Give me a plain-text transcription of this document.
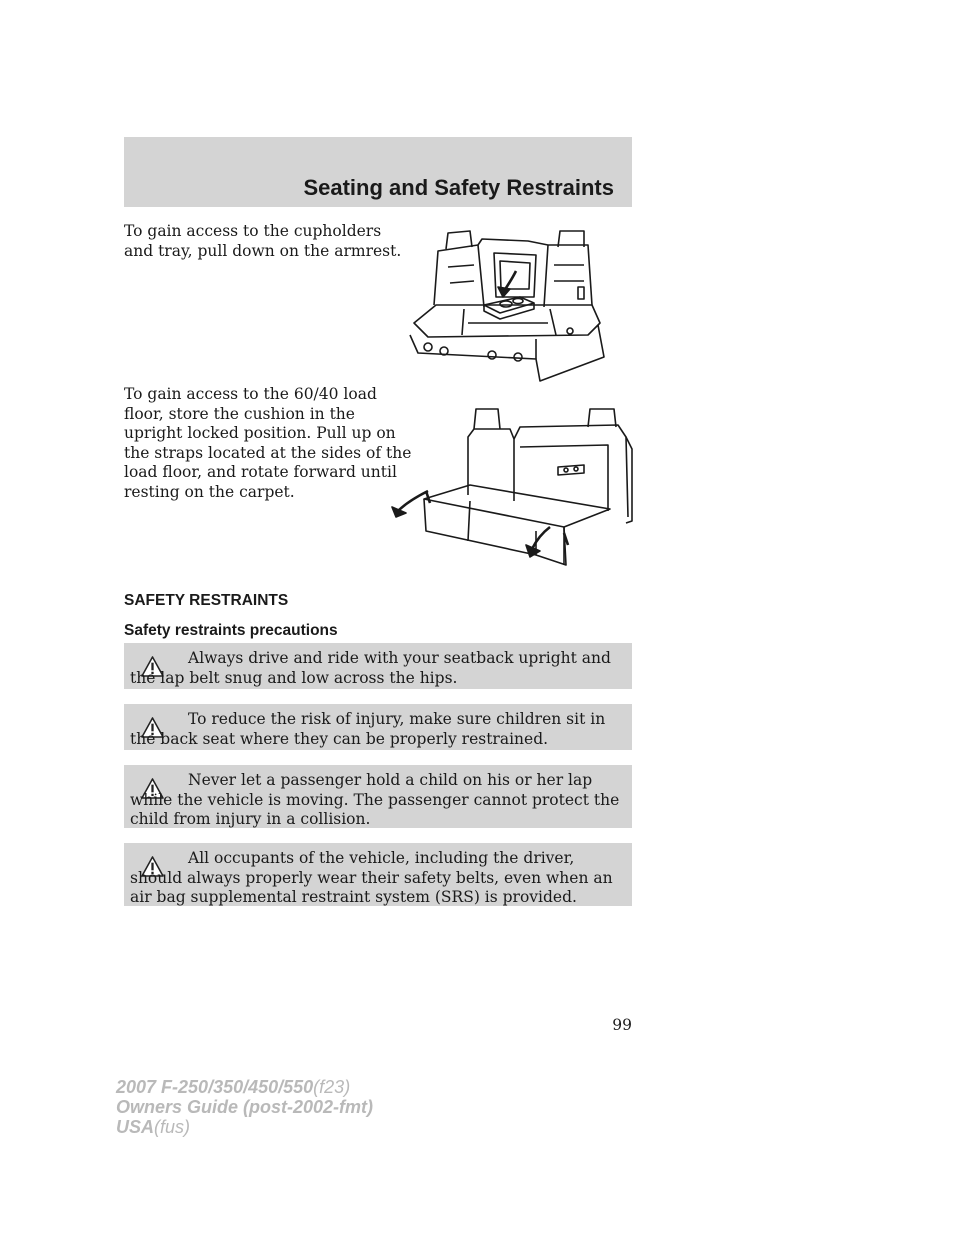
Seating and Safety Restraints

To gain access to the cupholders
and tray, pull down on the armrest.

To gain access to the 60/40 load
floor, store the cushion in the
upright locked position. Pull up on
the straps located at the sides of the
load floor, and rotate forward until
resting on the carpet.

SAFETY RESTRAINTS
Safety restraints precautions

Always drive and ride with your seatback upright and the lap belt snug and low across the hips.

To reduce the risk of injury, make sure children sit in the back seat where they can be properly restrained.

Never let a passenger hold a child on his or her lap while the vehicle is moving. The passenger cannot protect the child from injury in a collision.

All occupants of the vehicle, including the driver, should always properly wear their safety belts, even when an air bag supplemental restraint system (SRS) is provided.

99
2007 F-250/350/450/550(f23)
Owners Guide (post-2002-fmt)
USA(fus)
